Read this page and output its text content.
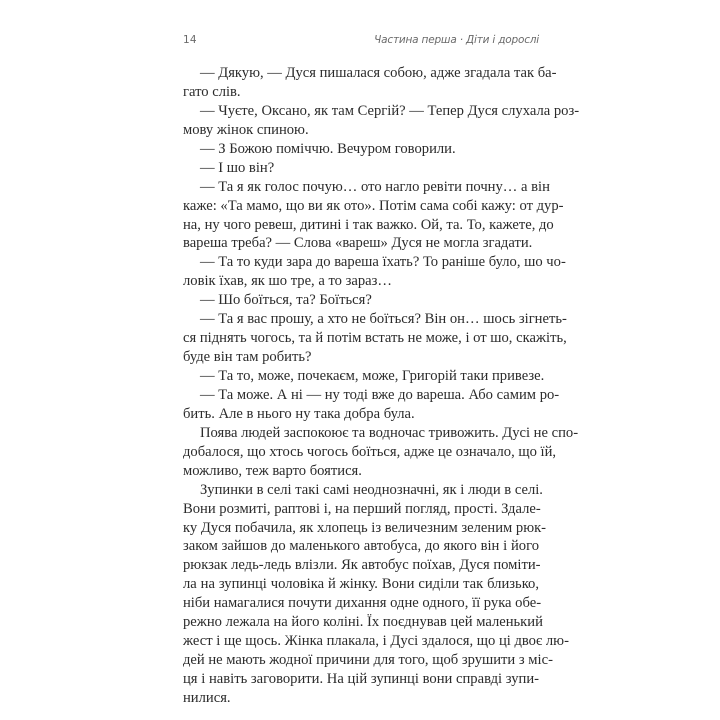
14	Частина перша · Діти і дорослі
— Дякую, — Дуся пишалася собою, адже згадала так ба-
гато слів.
— Чуєте, Оксано, як там Сергій? — Тепер Дуся слухала роз-
мову жінок спиною.
— З Божою поміччю. Вечуром говорили.
— І шо він?
— Та я як голос почую… ото нагло ревіти почну… а він
каже: «Та мамо, що ви як ото». Потім сама собі кажу: от дур-
на, ну чого ревеш, дитині і так важко. Ой, та. То, кажете, до
вареша треба? — Слова «вареш» Дуся не могла згадати.
— Та то куди зара до вареша їхать? То раніше було, шо чо-
ловік їхав, як шо тре, а то зараз…
— Шо боїться, та? Боїться?
— Та я вас прошу, а хто не боїться? Він он… шось зігнеть-
ся піднять чогось, та й потім встать не може, і от шо, скажіть,
буде він там робить?
— Та то, може, почекаєм, може, Григорій таки привезе.
— Та може. А ні — ну тоді вже до вареша. Або самим ро-
бить. Але в нього ну така добра була.
Поява людей заспокоює та водночас тривожить. Дусі не спо-
добалося, що хтось чогось боїться, адже це означало, що їй,
можливо, теж варто боятися.
Зупинки в селі такі самі неоднозначні, як і люди в селі.
Вони розмиті, раптові і, на перший погляд, прості. Здале-
ку Дуся побачила, як хлопець із величезним зеленим рюк-
заком зайшов до маленького автобуса, до якого він і його
рюкзак ледь-ледь влізли. Як автобус поїхав, Дуся поміти-
ла на зупинці чоловіка й жінку. Вони сиділи так близько,
ніби намагалися почути дихання одне одного, її рука обе-
режно лежала на його коліні. Їх поєднував цей маленький
жест і ще щось. Жінка плакала, і Дусі здалося, що ці двоє лю-
дей не мають жодної причини для того, щоб зрушити з міс-
ця і навіть заговорити. На цій зупинці вони справді зупи-
нилися.
